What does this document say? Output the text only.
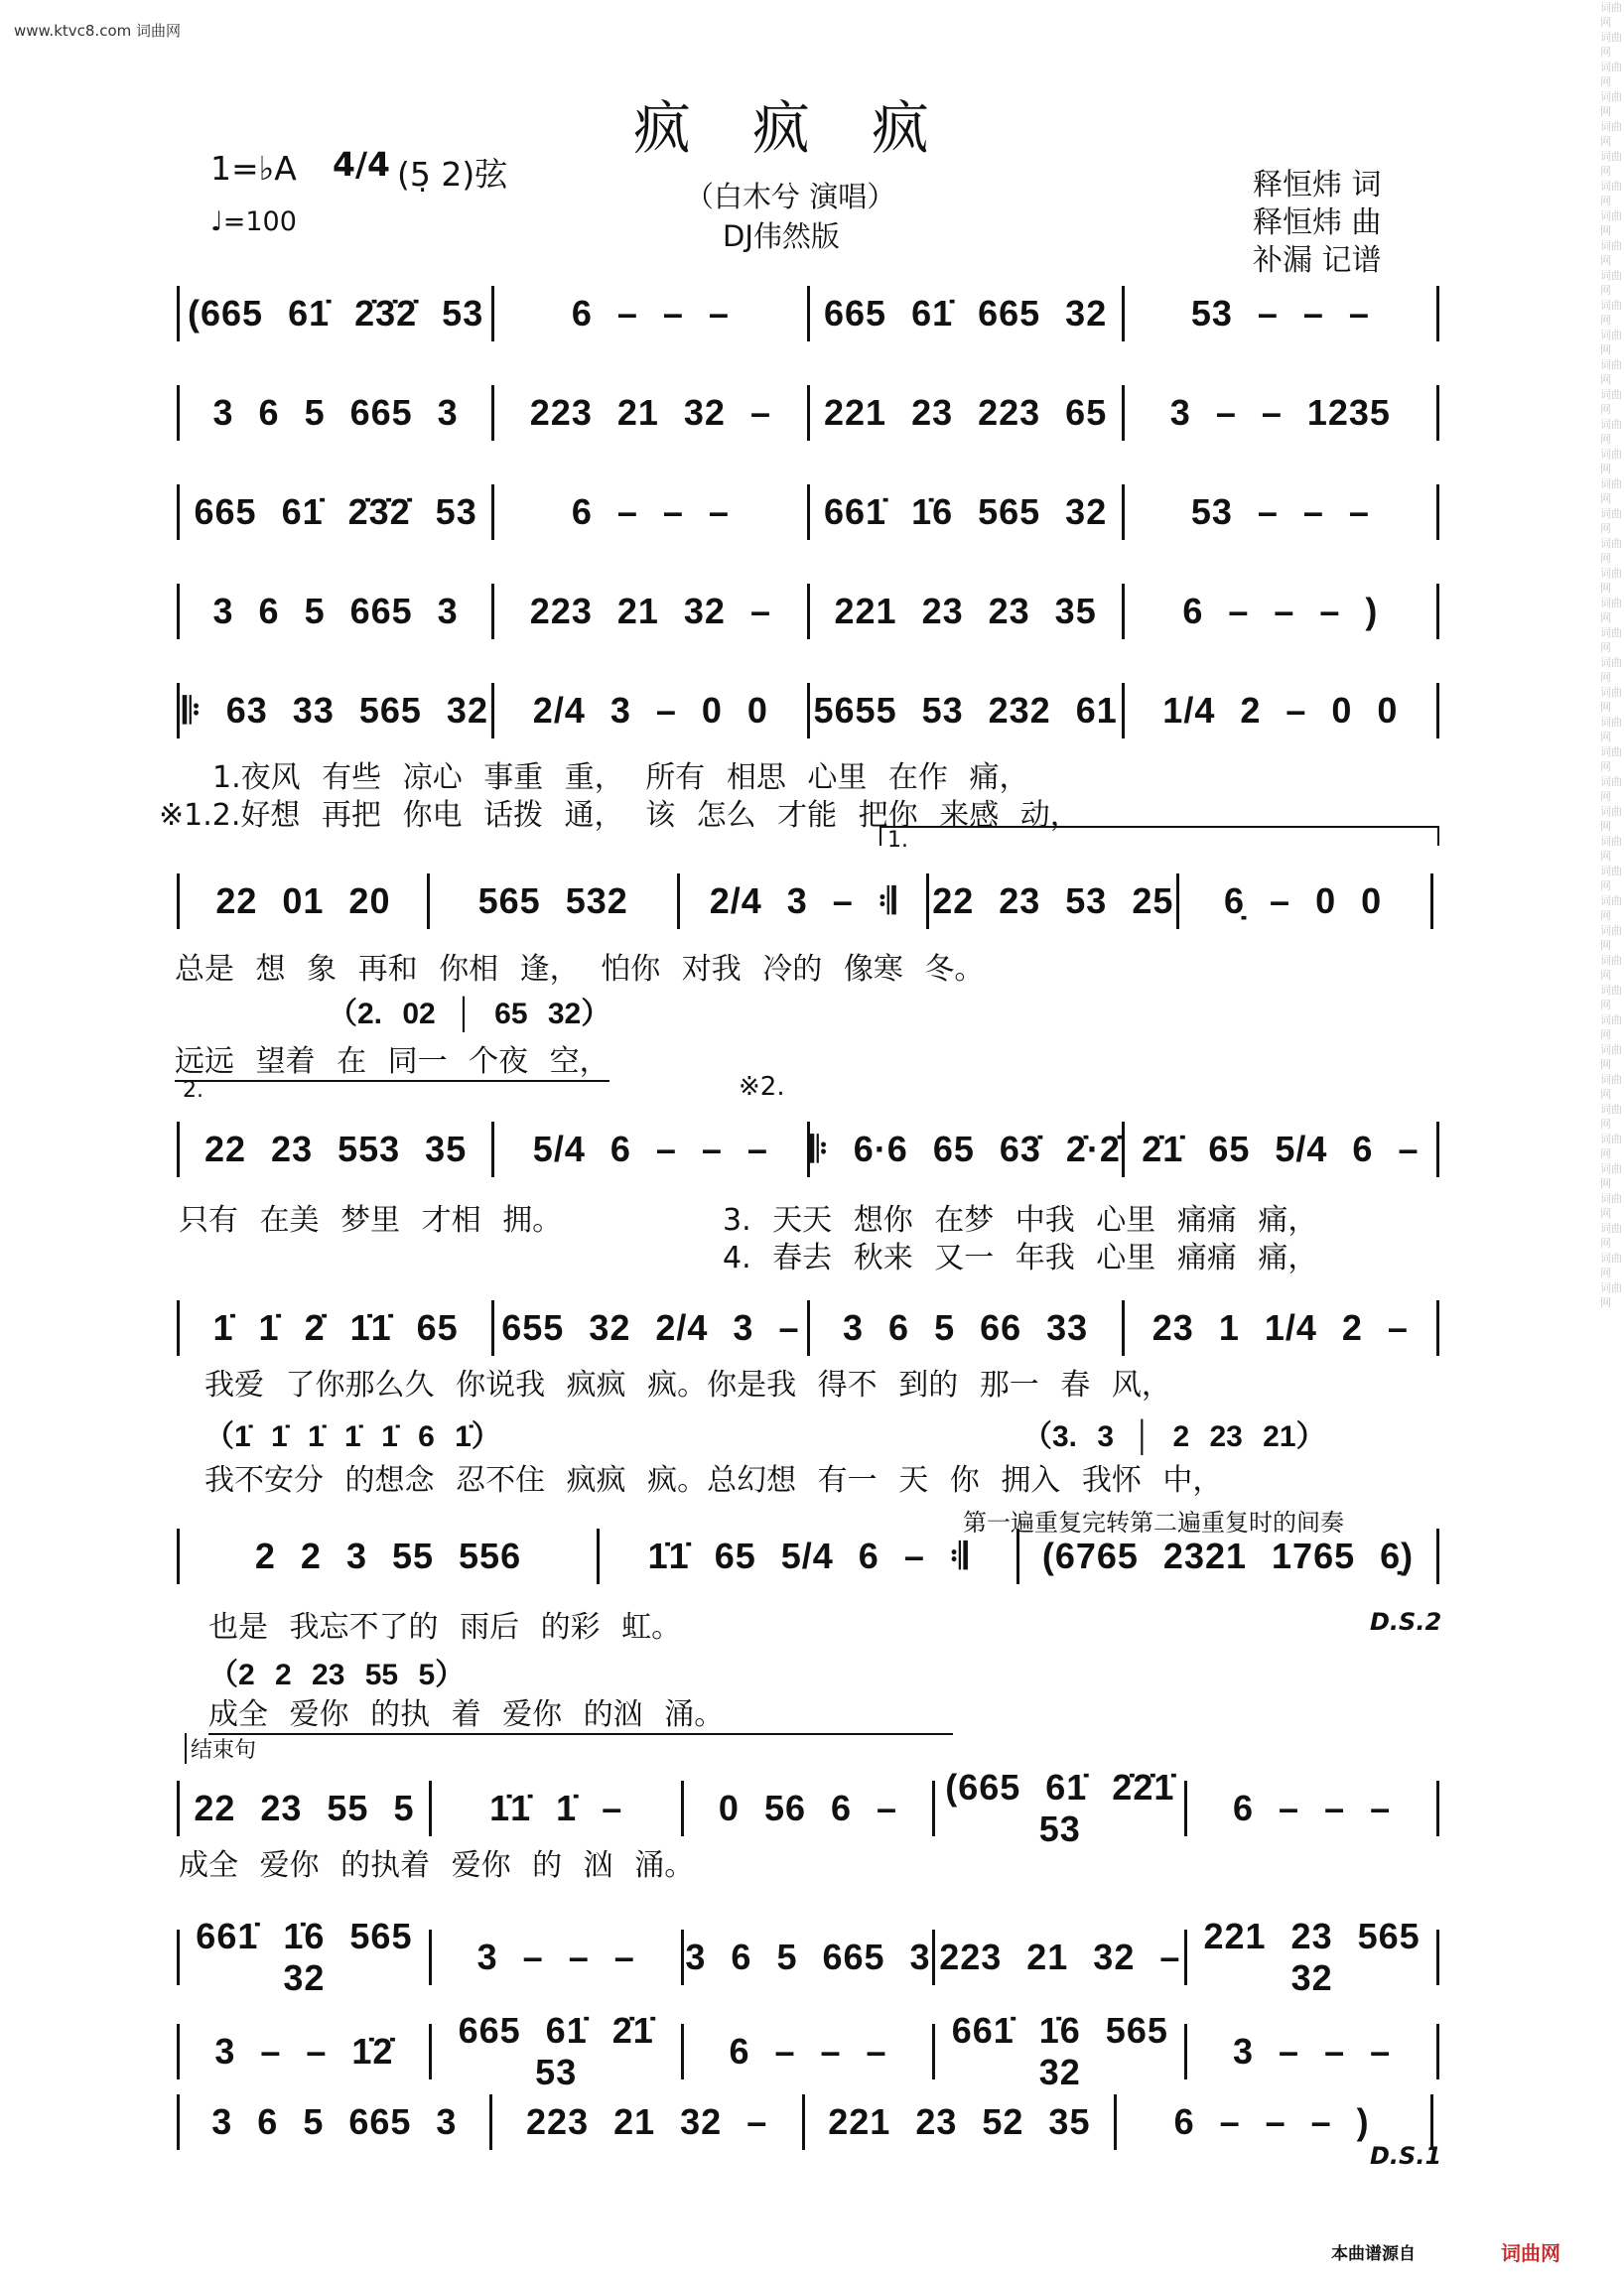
www.ktvc8.com 词曲网
疯疯疯
1=♭A 4/4 (5̣ 2)弦
♩=100
（白木兮 演唱）
DJ伟然版
释恒炜 词
释恒炜 曲
补漏 记谱
(665 61̇ 2̇3̇2̇ 53	6 – – –	665 61̇ 665 32	53 – – –
3 6 5 665 3	223 21 32 –	221 23 223 65	3 – – 1235
665 61̇ 2̇3̇2̇ 53	6 – – –	661̇ 1̇6 565 32	53 – – –
3 6 5 665 3	223 21 32 –	221 23 23 35	6 – – – )
𝄆 63 33 565 32	2/4 3 – 0 0	5655 53 232 61	1/4 2 – 0 0
22 01 20	565 532	2/4 3 – 𝄇 22 23 53 25	6̣ – 0 0
22 23 553 35	5/4 6 – – –	𝄆 6·6 65 63̇ 2̇·2̇ 2̇1̇ 65 5/4 6 –
1̇ 1̇ 2̇ 1̇1̇ 65	655 32 2/4 3 –	3 6 5 66 33	23 1 1/4 2 –
2 2 3 55 556	1̇1̇ 65 5/4 6 – 𝄇	(6765 2321 1765 6̣)
22 23 55 5	1̇1̇ 1̇ –	0 56 6 –
(665 61̇ 2̇2̇1̇ 53
6 – – –
661̇ 1̇6 565 32
3 – – –	3 6 5 665 3 223 21 32 –
221 23 565 32
3 – – 1̇2̇
665 61̇ 2̇1̇ 53
6 – – –
661̇ 1̇6 565 32
3 – – –
3 6 5 665 3	223 21 32 –	221 23 52 35	6 – – – )
1.夜风 有些 凉心 事重 重， 所有 相思 心里 在作 痛，
※1.2.好想 再把 你电 话拨 通， 该 怎么 才能 把你 来感 动，
1.
总是 想 象 再和 你相 逢， 怕你 对我 冷的 像寒 冬。
（2. 02 │ 65 32）
远远 望着 在 同一 个夜 空，
2.	※2.
只有 在美 梦里 才相 拥。	3. 天天 想你 在梦 中我 心里 痛痛 痛，
4. 春去 秋来 又一 年我 心里 痛痛 痛，
我爱 了你那么久 你说我 疯疯 疯。你是我 得不 到的 那一 春 风，
（1̇ 1̇ 1̇ 1̇ 1̇ 6 1̇）	（3. 3 │ 2 23 21）
我不安分 的想念 忍不住 疯疯 疯。总幻想 有一 天 你 拥入 我怀 中，
第一遍重复完转第二遍重复时的间奏
也是 我忘不了的 雨后 的彩 虹。	D.S.2
（2 2 23 55 5）
成全 爱你 的执 着 爱你 的汹 涌。
结束句
成全 爱你 的执着 爱你 的 汹 涌。
D.S.1
词曲网 词曲网 词曲网 词曲网 词曲网 词曲网 词曲网 词曲网 词曲网 词曲网 词曲网 词曲网 词曲网 词曲网 词曲网 词曲网 词曲网 词曲网 词曲网 词曲网 词曲网 词曲网 词曲网 词曲网 词曲网 词曲网 词曲网 词曲网 词曲网 词曲网 词曲网 词曲网 词曲网 词曲网 词曲网 词曲网 词曲网 词曲网 词曲网 词曲网 词曲网 词曲网 词曲网 词曲网
本曲谱源自	词曲网
